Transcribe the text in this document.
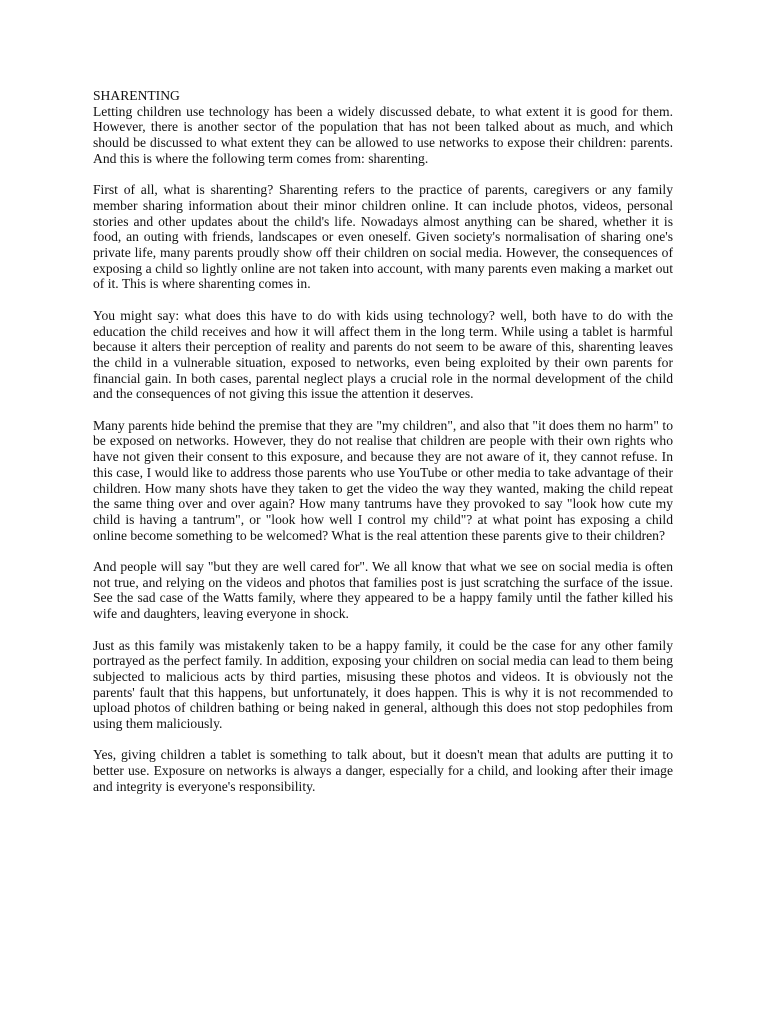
SHARENTING

Letting children use technology has been a widely discussed debate, to what extent it is good for them. However, there is another sector of the population that has not been talked about as much, and which should be discussed to what extent they can be allowed to use networks to expose their children: parents. And this is where the following term comes from: sharenting.

First of all, what is sharenting? Sharenting refers to the practice of parents, caregivers or any family member sharing information about their minor children online. It can include photos, videos, personal stories and other updates about the child's life. Nowadays almost anything can be shared, whether it is food, an outing with friends, landscapes or even oneself. Given society's normalisation of sharing one's private life, many parents proudly show off their children on social media. However, the consequences of exposing a child so lightly online are not taken into account, with many parents even making a market out of it. This is where sharenting comes in.

You might say: what does this have to do with kids using technology? well, both have to do with the education the child receives and how it will affect them in the long term. While using a tablet is harmful because it alters their perception of reality and parents do not seem to be aware of this, sharenting leaves the child in a vulnerable situation, exposed to networks, even being exploited by their own parents for financial gain. In both cases, parental neglect plays a crucial role in the normal development of the child and the consequences of not giving this issue the attention it deserves.

Many parents hide behind the premise that they are "my children", and also that "it does them no harm" to be exposed on networks. However, they do not realise that children are people with their own rights who have not given their consent to this exposure, and because they are not aware of it, they cannot refuse. In this case, I would like to address those parents who use YouTube or other media to take advantage of their children. How many shots have they taken to get the video the way they wanted, making the child repeat the same thing over and over again? How many tantrums have they provoked to say "look how cute my child is having a tantrum", or "look how well I control my child"? at what point has exposing a child online become something to be welcomed? What is the real attention these parents give to their children?

And people will say "but they are well cared for". We all know that what we see on social media is often not true, and relying on the videos and photos that families post is just scratching the surface of the issue. See the sad case of the Watts family, where they appeared to be a happy family until the father killed his wife and daughters, leaving everyone in shock.

Just as this family was mistakenly taken to be a happy family, it could be the case for any other family portrayed as the perfect family. In addition, exposing your children on social media can lead to them being subjected to malicious acts by third parties, misusing these photos and videos. It is obviously not the parents' fault that this happens, but unfortunately, it does happen. This is why it is not recommended to upload photos of children bathing or being naked in general, although this does not stop pedophiles from using them maliciously.

Yes, giving children a tablet is something to talk about, but it doesn't mean that adults are putting it to better use. Exposure on networks is always a danger, especially for a child, and looking after their image and integrity is everyone's responsibility.
